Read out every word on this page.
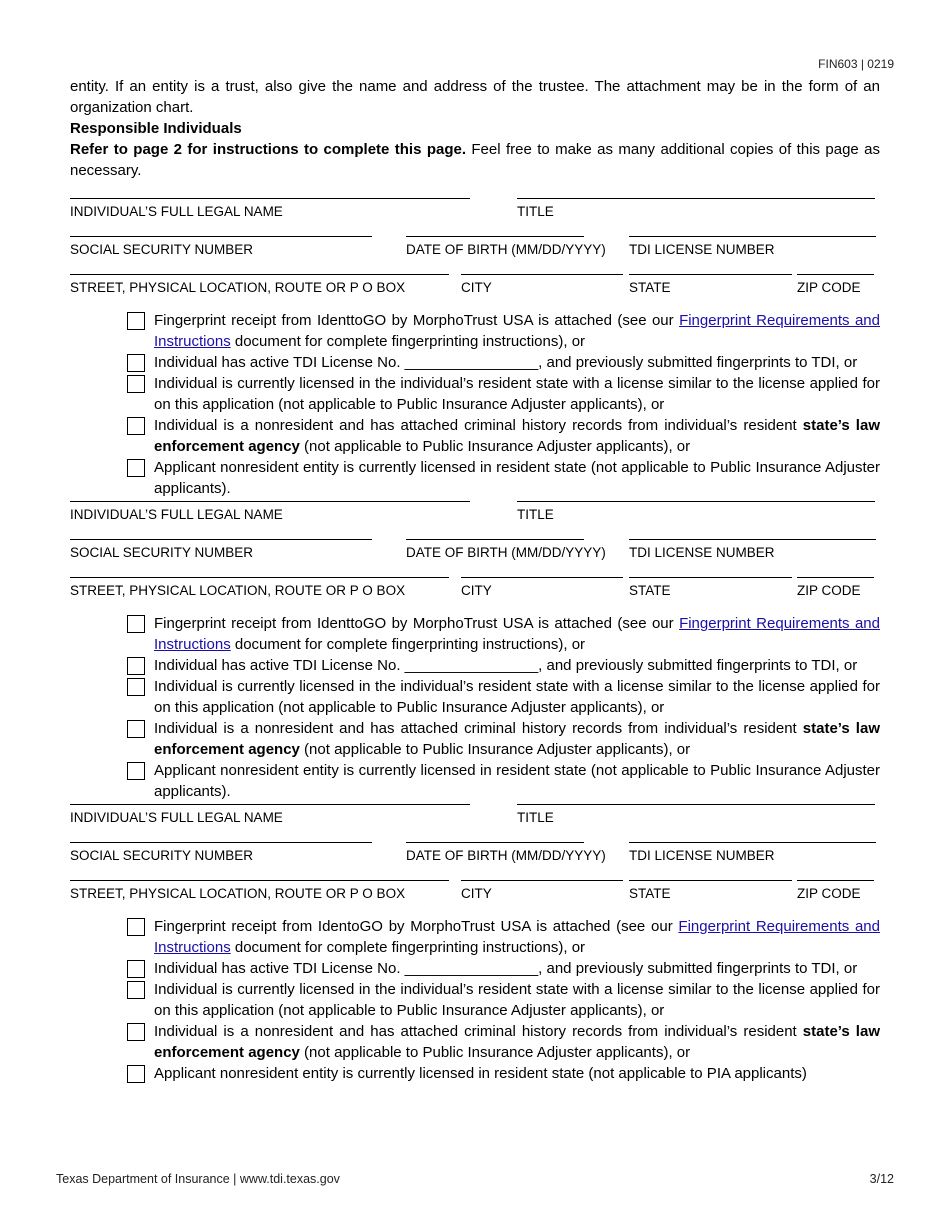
FIN603 | 0219

entity. If an entity is a trust, also give the name and address of the trustee. The attachment may be in the form of an organization chart.

Responsible Individuals

Refer to page 2 for instructions to complete this page. Feel free to make as many additional copies of this page as necessary.

INDIVIDUAL’S FULL LEGAL NAME	TITLE
SOCIAL SECURITY NUMBER	DATE OF BIRTH (MM/DD/YYYY) TDI LICENSE NUMBER
STREET, PHYSICAL LOCATION, ROUTE OR P O BOX	CITY	STATE	ZIP CODE
Fingerprint receipt from IdenttoGO by MorphoTrust USA is attached (see our Fingerprint Requirements and Instructions document for complete fingerprinting instructions), or
Individual has active TDI License No. ________________, and previously submitted fingerprints to TDI, or
Individual is currently licensed in the individual’s resident state with a license similar to the license applied for on this application (not applicable to Public Insurance Adjuster applicants), or
Individual is a nonresident and has attached criminal history records from individual’s resident state’s law enforcement agency (not applicable to Public Insurance Adjuster applicants), or
Applicant nonresident entity is currently licensed in resident state (not applicable to Public Insurance Adjuster applicants).
INDIVIDUAL’S FULL LEGAL NAME	TITLE
SOCIAL SECURITY NUMBER	DATE OF BIRTH (MM/DD/YYYY) TDI LICENSE NUMBER
STREET, PHYSICAL LOCATION, ROUTE OR P O BOX	CITY	STATE	ZIP CODE
Fingerprint receipt from IdenttoGO by MorphoTrust USA is attached (see our Fingerprint Requirements and Instructions document for complete fingerprinting instructions), or
Individual has active TDI License No. ________________, and previously submitted fingerprints to TDI, or
Individual is currently licensed in the individual’s resident state with a license similar to the license applied for on this application (not applicable to Public Insurance Adjuster applicants), or
Individual is a nonresident and has attached criminal history records from individual’s resident state’s law enforcement agency (not applicable to Public Insurance Adjuster applicants), or
Applicant nonresident entity is currently licensed in resident state (not applicable to Public Insurance Adjuster applicants).
INDIVIDUAL’S FULL LEGAL NAME	TITLE
SOCIAL SECURITY NUMBER	DATE OF BIRTH (MM/DD/YYYY) TDI LICENSE NUMBER
STREET, PHYSICAL LOCATION, ROUTE OR P O BOX	CITY	STATE	ZIP CODE
Fingerprint receipt from IdentoGO by MorphoTrust USA is attached (see our Fingerprint Requirements and Instructions document for complete fingerprinting instructions), or
Individual has active TDI License No. ________________, and previously submitted fingerprints to TDI, or
Individual is currently licensed in the individual’s resident state with a license similar to the license applied for on this application (not applicable to Public Insurance Adjuster applicants), or
Individual is a nonresident and has attached criminal history records from individual’s resident state’s law enforcement agency (not applicable to Public Insurance Adjuster applicants), or
Applicant nonresident entity is currently licensed in resident state (not applicable to PIA applicants)
Texas Department of Insurance | www.tdi.texas.gov	3/12
